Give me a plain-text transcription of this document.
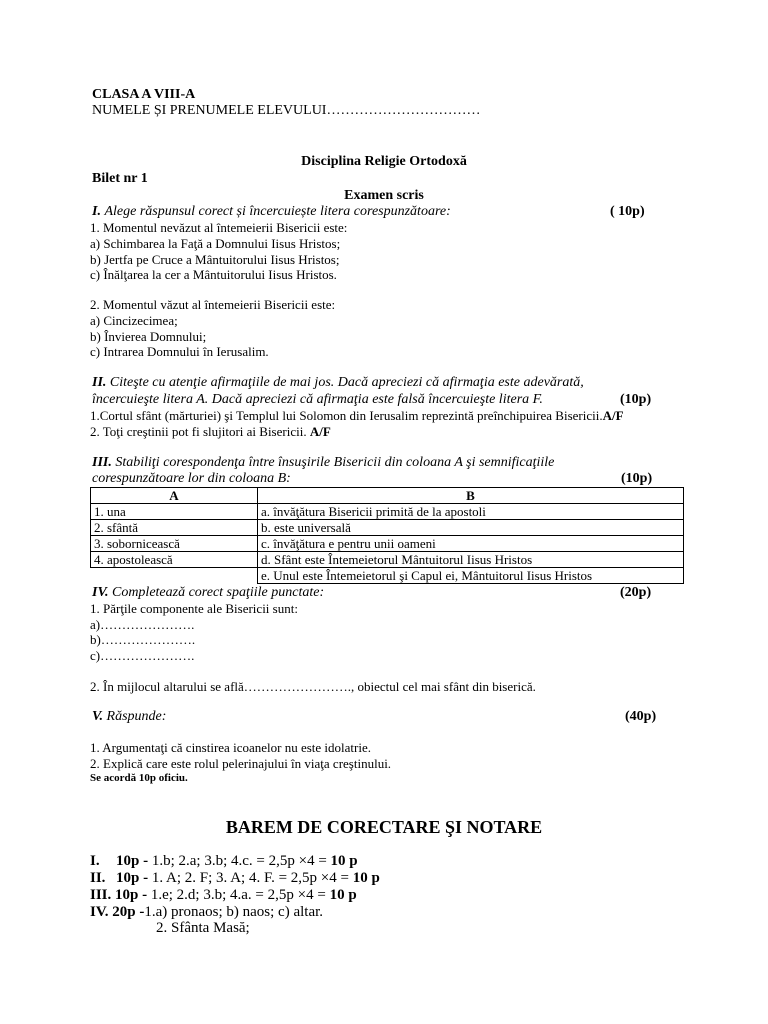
CLASA A VIII-A
NUMELE ȘI PRENUMELE ELEVULUI……………………………
Disciplina Religie Ortodoxă
Bilet nr 1
Examen scris
I. Alege răspunsul corect și încercuiește litera corespunzătoare:	( 10p)
1. Momentul nevăzut al întemeierii Bisericii este:
a) Schimbarea la Faţă a Domnului Iisus Hristos;
b) Jertfa pe Cruce a Mântuitorului Iisus Hristos;
c) Înălţarea la cer a Mântuitorului Iisus Hristos.
2. Momentul văzut al întemeierii Bisericii este:
a) Cincizecimea;
b) Învierea Domnului;
c) Intrarea Domnului în Ierusalim.
II. Citeşte cu atenţie afirmaţiile de mai jos. Dacă apreciezi că afirmaţia este adevărată,
încercuieşte litera A. Dacă apreciezi că afirmaţia este falsă încercuieşte litera F.	(10p)
1.Cortul sfânt (mărturiei) şi Templul lui Solomon din Ierusalim reprezintă preînchipuirea Bisericii.A/F
2. Toţi creştinii pot fi slujitori ai Bisericii. A/F
III. Stabiliţi corespondenţa între însuşirile Bisericii din coloana A şi semnificaţiile
corespunzătoare lor din coloana B:	(10p)
A	B
1. una	a. învăţătura Bisericii primită de la apostoli
2. sfântă	b. este universală
3. sobornicească	c. învăţătura e pentru unii oameni
4. apostolească	d. Sfânt este Întemeietorul Mântuitorul Iisus Hristos
	e. Unul este Întemeietorul şi Capul ei, Mântuitorul Iisus Hristos
IV. Completează corect spaţiile punctate:	(20p)
1. Părţile componente ale Bisericii sunt:
a)………………….
b)………………….
c)………………….
2. În mijlocul altarului se află……………………., obiectul cel mai sfânt din biserică.
V. Răspunde:	(40p)
1. Argumentaţi că cinstirea icoanelor nu este idolatrie.
2. Explică care este rolul pelerinajului în viaţa creştinului.
Se acordă 10p oficiu.
BAREM DE CORECTARE ŞI NOTARE
I. 10p - 1.b; 2.a; 3.b; 4.c. = 2,5p ×4 = 10 p
II. 10p - 1. A; 2. F; 3. A; 4. F. = 2,5p ×4 = 10 p
III. 10p - 1.e; 2.d; 3.b; 4.a. = 2,5p ×4 = 10 p
IV. 20p -1.a) pronaos; b) naos; c) altar.
2. Sfânta Masă;
